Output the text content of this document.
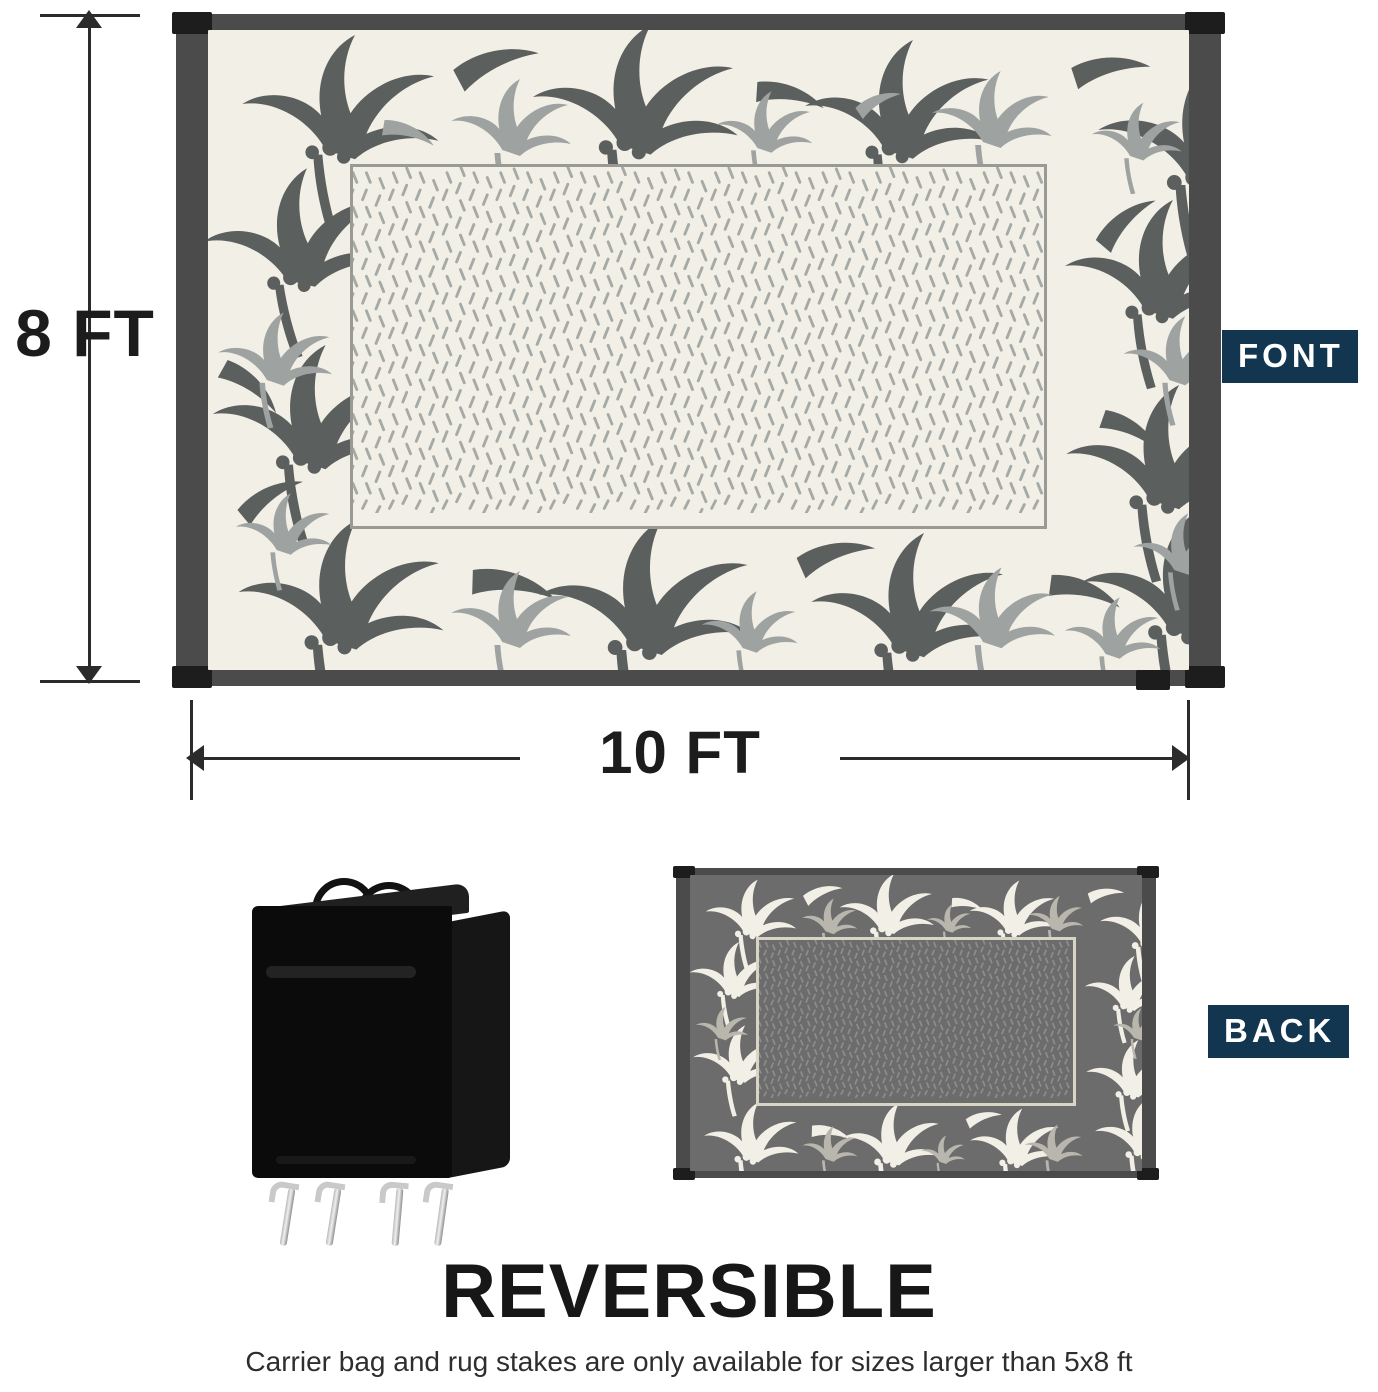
8 FT
10 FT
FONT
BACK
REVERSIBLE
Carrier bag and rug stakes are only available for sizes larger than 5x8 ft
